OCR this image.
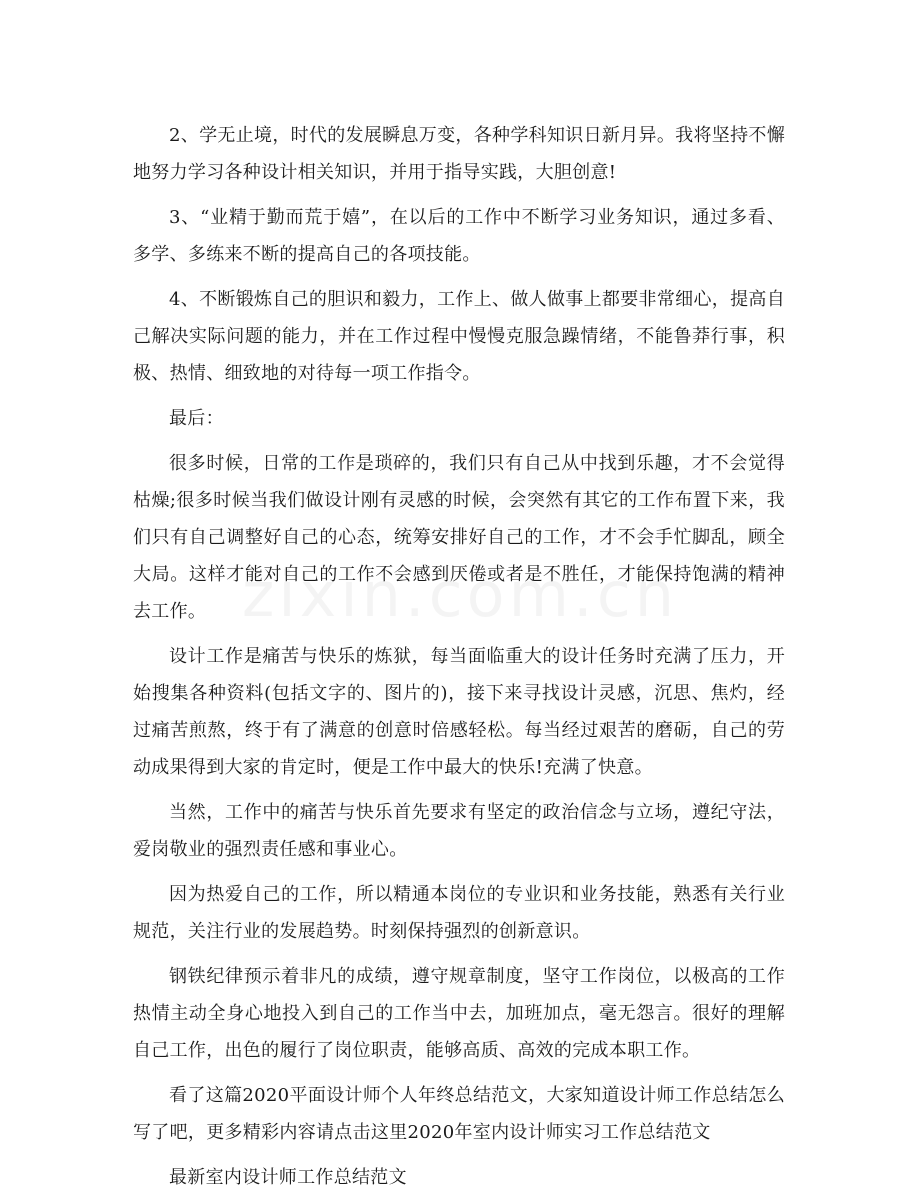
2、学无止境，时代的发展瞬息万变，各种学科知识日新月异。我将坚持不懈地努力学习各种设计相关知识，并用于指导实践，大胆创意!

3、“业精于勤而荒于嬉”，在以后的工作中不断学习业务知识，通过多看、多学、多练来不断的提高自己的各项技能。

4、不断锻炼自己的胆识和毅力，工作上、做人做事上都要非常细心，提高自己解决实际问题的能力，并在工作过程中慢慢克服急躁情绪，不能鲁莽行事，积极、热情、细致地的对待每一项工作指令。

最后：

很多时候，日常的工作是琐碎的，我们只有自己从中找到乐趣，才不会觉得枯燥;很多时候当我们做设计刚有灵感的时候，会突然有其它的工作布置下来，我们只有自己调整好自己的心态，统筹安排好自己的工作，才不会手忙脚乱，顾全大局。这样才能对自己的工作不会感到厌倦或者是不胜任，才能保持饱满的精神去工作。

设计工作是痛苦与快乐的炼狱，每当面临重大的设计任务时充满了压力，开始搜集各种资料(包括文字的、图片的)，接下来寻找设计灵感，沉思、焦灼，经过痛苦煎熬，终于有了满意的创意时倍感轻松。每当经过艰苦的磨砺，自己的劳动成果得到大家的肯定时，便是工作中最大的快乐!充满了快意。

当然，工作中的痛苦与快乐首先要求有坚定的政治信念与立场，遵纪守法，爱岗敬业的强烈责任感和事业心。

因为热爱自己的工作，所以精通本岗位的专业识和业务技能，熟悉有关行业规范，关注行业的发展趋势。时刻保持强烈的创新意识。

钢铁纪律预示着非凡的成绩，遵守规章制度，坚守工作岗位，以极高的工作热情主动全身心地投入到自己的工作当中去，加班加点，毫无怨言。很好的理解自己工作，出色的履行了岗位职责，能够高质、高效的完成本职工作。

看了这篇2020平面设计师个人年终总结范文，大家知道设计师工作总结怎么写了吧，更多精彩内容请点击这里2020年室内设计师实习工作总结范文

最新室内设计师工作总结范文
